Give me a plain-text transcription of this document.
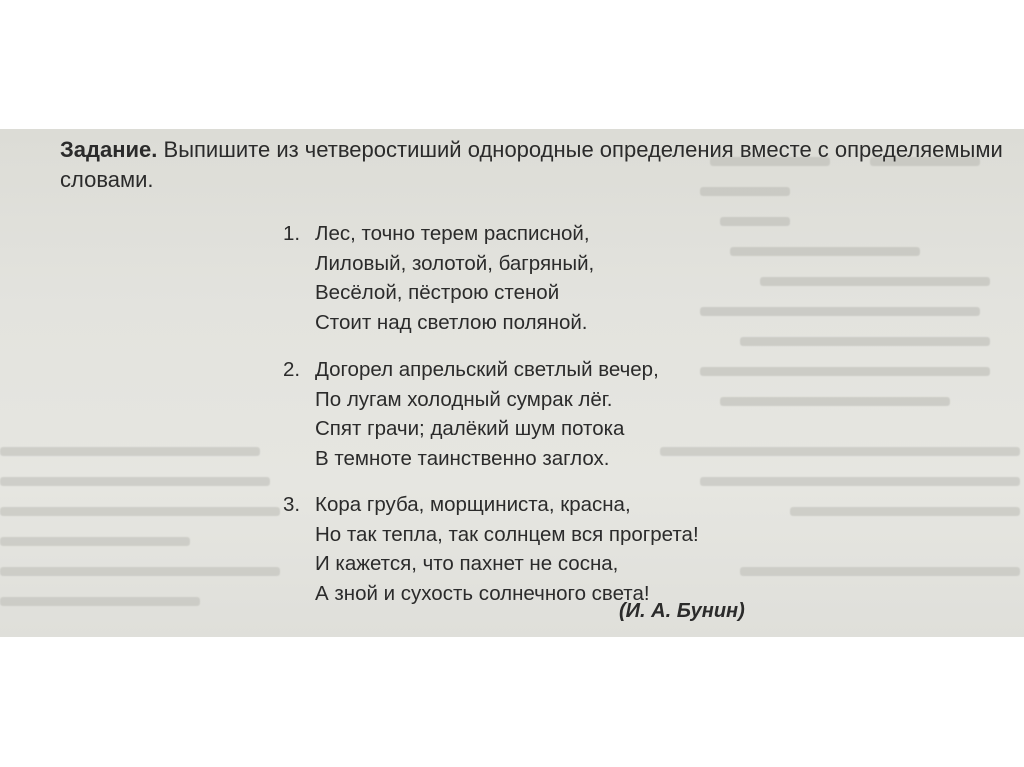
Задание. Выпишите из четверостиший однородные определения вместе с определяемыми словами.
1. Лес, точно терем расписной,
Лиловый, золотой, багряный,
Весёлой, пёстрою стеной
Стоит над светлою поляной.
2. Догорел апрельский светлый вечер,
По лугам холодный сумрак лёг.
Спят грачи; далёкий шум потока
В темноте таинственно заглох.
3. Кора груба, морщиниста, красна,
Но так тепла, так солнцем вся прогрета!
И кажется, что пахнет не сосна,
А зной и сухость солнечного света!
(И. А. Бунин)
